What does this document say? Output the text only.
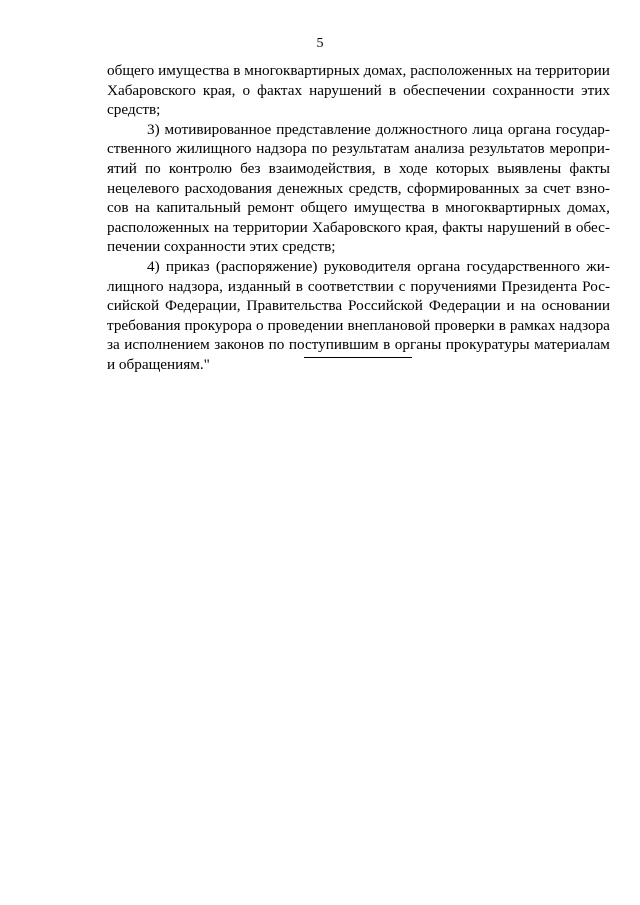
5
общего имущества в многоквартирных домах, расположенных на территории
Хабаровского края, о фактах нарушений в обеспечении сохранности этих
средств;
3) мотивированное представление должностного лица органа государ-
ственного жилищного надзора по результатам анализа результатов меропри-
ятий по контролю без взаимодействия, в ходе которых выявлены факты
нецелевого расходования денежных средств, сформированных за счет взно-
сов на капитальный ремонт общего имущества в многоквартирных домах,
расположенных на территории Хабаровского края, факты нарушений в обес-
печении сохранности этих средств;
4) приказ (распоряжение) руководителя органа государственного жи-
лищного надзора, изданный в соответствии с поручениями Президента Рос-
сийской Федерации, Правительства Российской Федерации и на основании
требования прокурора о проведении внеплановой проверки в рамках надзора
за исполнением законов по поступившим в органы прокуратуры материалам
и обращениям."
